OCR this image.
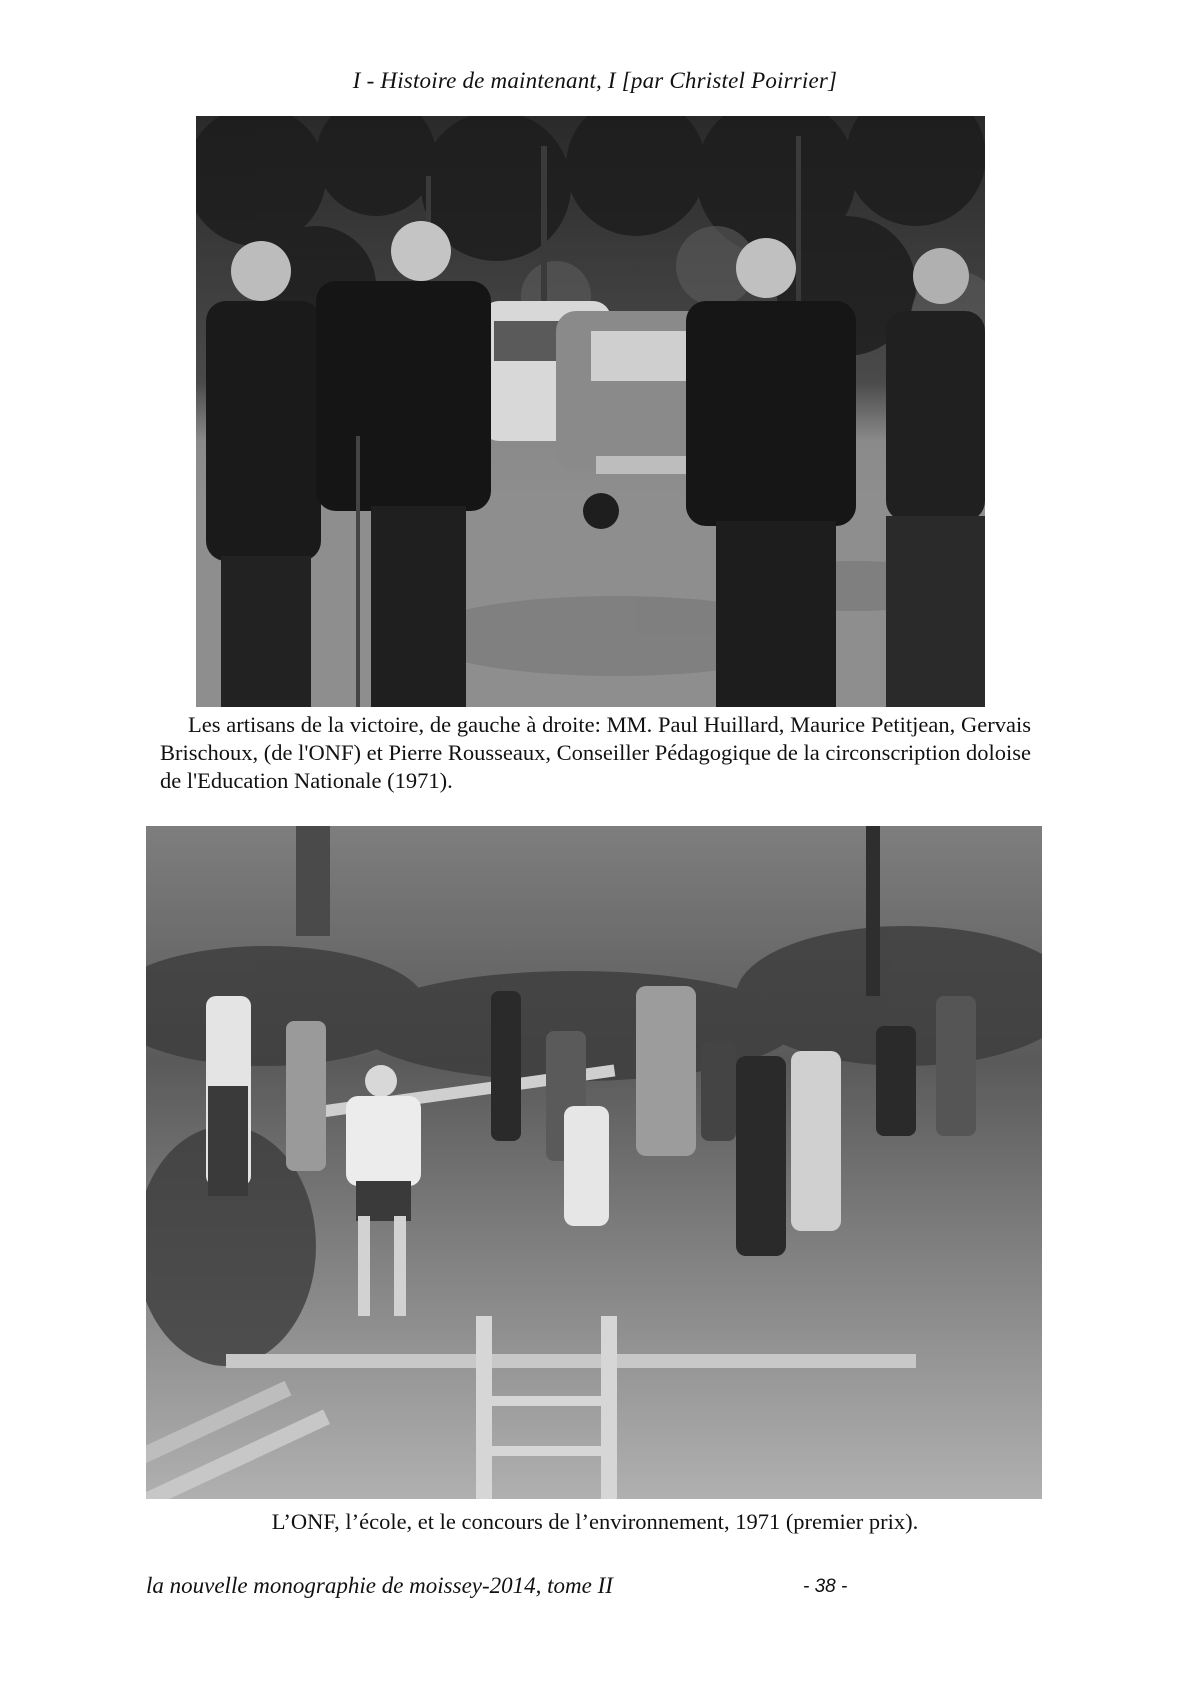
I - Histoire de maintenant, I [par Christel Poirrier]
Les artisans de la victoire, de gauche à droite: MM. Paul Huillard, Maurice Petitjean, Gervais Brischoux, (de l'ONF) et Pierre Rousseaux, Conseiller Pédagogique de la circonscription doloise de l'Education Nationale (1971).
L’ONF, l’école, et le concours de l’environnement, 1971 (premier prix).
la nouvelle monographie de moissey-2014, tome II	- 38 -
